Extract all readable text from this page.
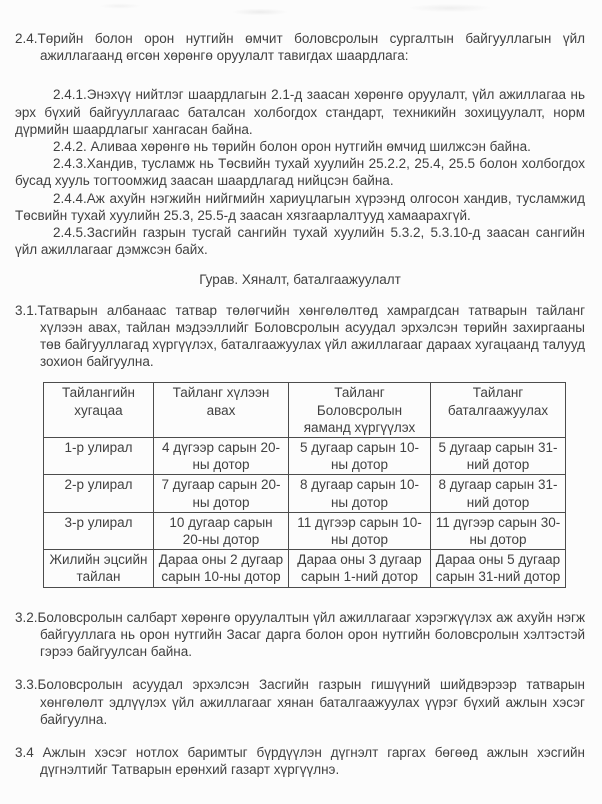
2.4.Төрийн болон орон нутгийн өмчит боловсролын сургалтын байгууллагын үйл ажиллагаанд өгсөн хөрөнгө оруулалт тавигдах шаардлага:

2.4.1.Энэхүү нийтлэг шаардлагын 2.1-д заасан хөрөнгө оруулалт, үйл ажиллагаа нь эрх бүхий байгууллагаас баталсан холбогдох стандарт, техникийн зохицуулалт, норм дүрмийн шаардлагыг хангасан байна.

2.4.2. Аливаа хөрөнгө нь төрийн болон орон нутгийн өмчид шилжсэн байна.

2.4.3.Хандив, тусламж нь Төсвийн тухай хуулийн 25.2.2, 25.4, 25.5 болон холбогдох бусад хууль тогтоомжид заасан шаардлагад нийцсэн байна.

2.4.4.Аж ахуйн нэгжийн нийгмийн хариуцлагын хүрээнд олгосон хандив, тусламжид Төсвийн тухай хуулийн 25.3, 25.5-д заасан хязгаарлалтууд хамаарахгүй.

2.4.5.Засгийн газрын тусгай сангийн тухай хуулийн 5.3.2, 5.3.10-д заасан сангийн үйл ажиллагааг дэмжсэн байх.

Гурав. Хяналт, баталгаажуулалт

3.1.Татварын албанаас татвар төлөгчийн хөнгөлөлтөд хамрагдсан татварын тайланг хүлээн авах, тайлан мэдээллийг Боловсролын асуудал эрхэлсэн төрийн захиргааны төв байгууллагад хүргүүлэх, баталгаажуулах үйл ажиллагааг дараах хугацаанд талууд зохион байгуулна.

Тайлангийн хугацаа	Тайланг хүлээн авах	Тайланг Боловсролын яаманд хүргүүлэх	Тайланг баталгаажуулах
1-р улирал	4 дүгээр сарын 20-ны дотор	5 дугаар сарын 10-ны дотор	5 дугаар сарын 31-ний дотор
2-р улирал	7 дугаар сарын 20-ны дотор	8 дугаар сарын 10-ны дотор	8 дугаар сарын 31-ний дотор
3-р улирал	10 дугаар сарын 20-ны дотор	11 дүгээр сарын 10-ны дотор	11 дүгээр сарын 30-ны дотор
Жилийн эцсийн тайлан	Дараа оны 2 дугаар сарын 10-ны дотор	Дараа оны 3 дугаар сарын 1-ний дотор	Дараа оны 5 дугаар сарын 31-ний дотор

3.2.Боловсролын салбарт хөрөнгө оруулалтын үйл ажиллагааг хэрэгжүүлэх аж ахуйн нэгж байгууллага нь орон нутгийн Засаг дарга болон орон нутгийн боловсролын хэлтэстэй гэрээ байгуулсан байна.

3.3.Боловсролын асуудал эрхэлсэн Засгийн газрын гишүүний шийдвэрээр татварын хөнгөлөлт эдлүүлэх үйл ажиллагааг хянан баталгаажуулах үүрэг бүхий ажлын хэсэг байгуулна.

3.4 Ажлын хэсэг нотлох баримтыг бүрдүүлэн дүгнэлт гаргах бөгөөд ажлын хэсгийн дүгнэлтийг Татварын ерөнхий газарт хүргүүлнэ.
